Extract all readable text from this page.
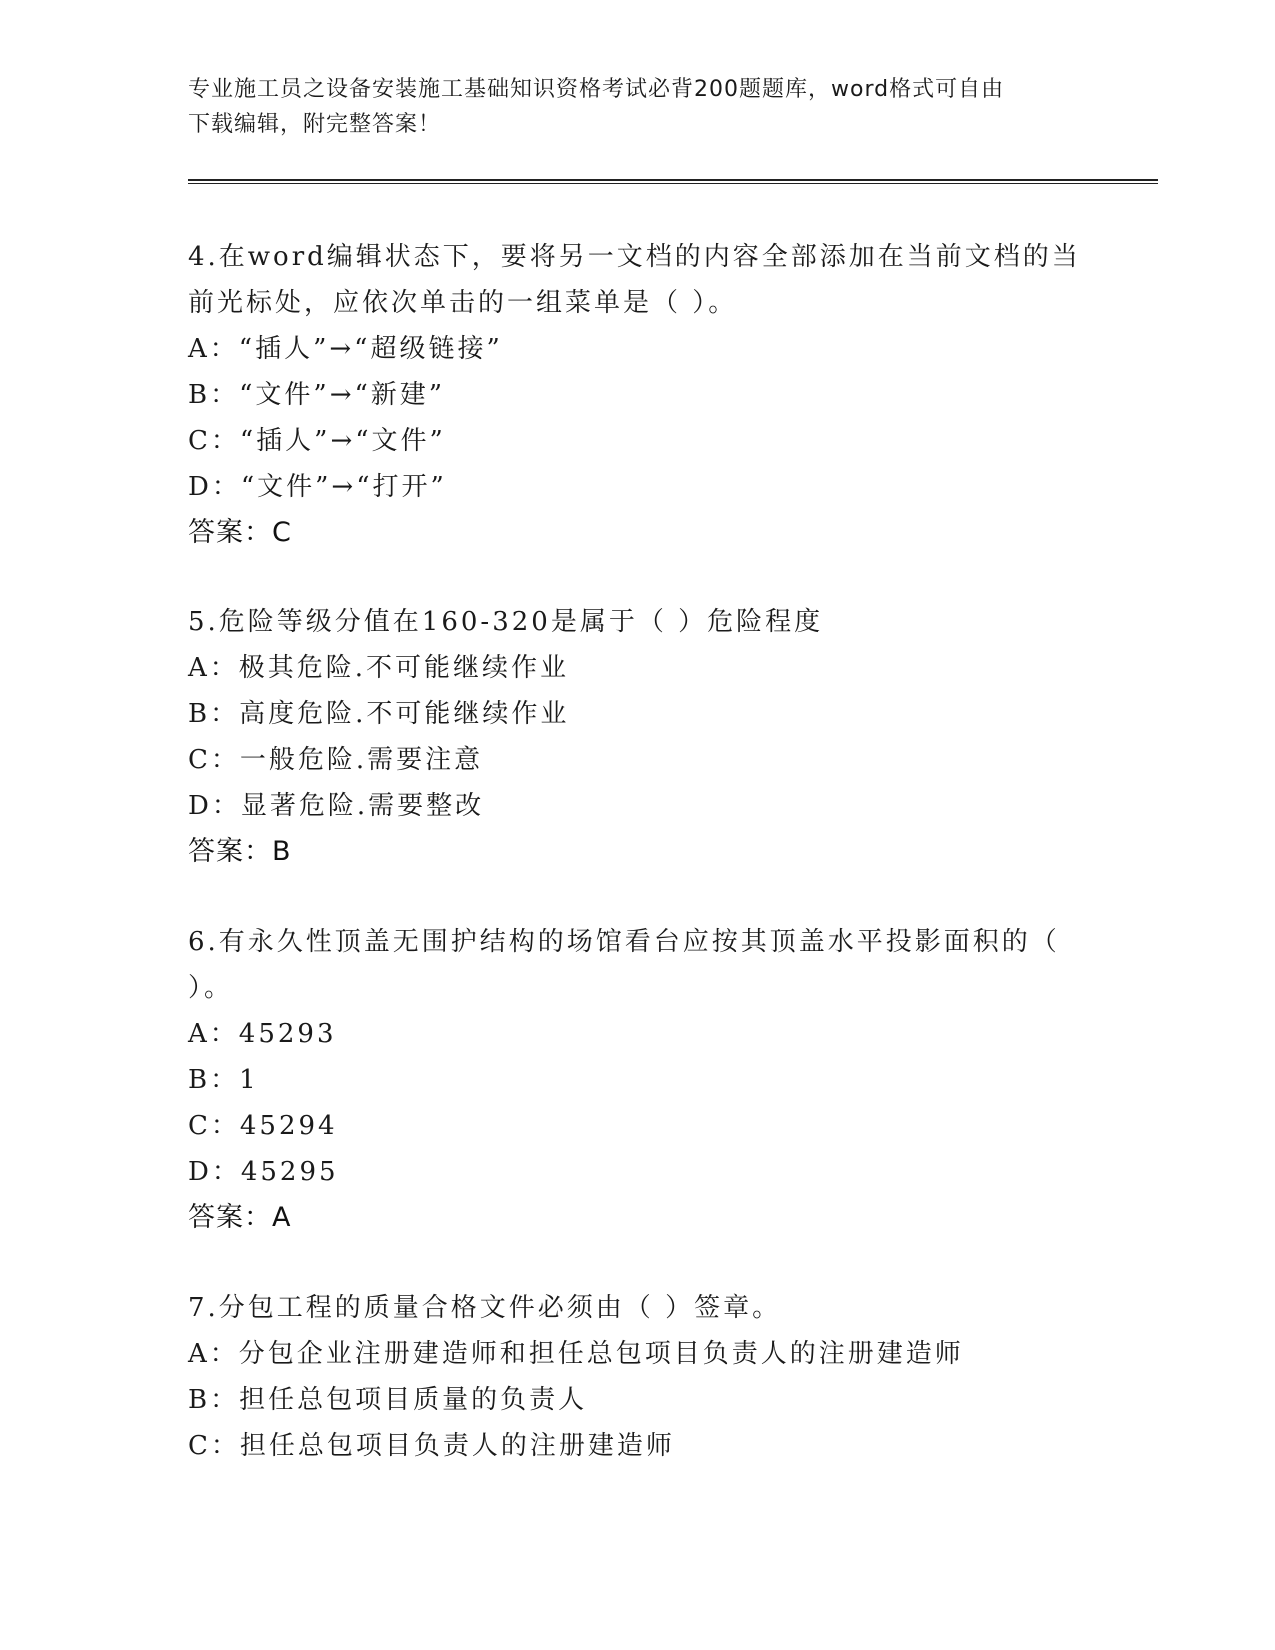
专业施工员之设备安装施工基础知识资格考试必背200题题库，word格式可自由
下载编辑，附完整答案！

4.在word编辑状态下，要将另一文档的内容全部添加在当前文档的当

前光标处，应依次单击的一组菜单是（ ）。

A：“插人”→“超级链接”

B：“文件”→“新建”

C：“插人”→“文件”

D：“文件”→“打开”

答案：C

5.危险等级分值在160-320是属于（ ）危险程度

A：极其危险.不可能继续作业

B：高度危险.不可能继续作业

C：一般危险.需要注意

D：显著危险.需要整改

答案：B

6.有永久性顶盖无围护结构的场馆看台应按其顶盖水平投影面积的（

）。

A：45293

B：1

C：45294

D：45295

答案：A

7.分包工程的质量合格文件必须由（ ）签章。

A：分包企业注册建造师和担任总包项目负责人的注册建造师

B：担任总包项目质量的负责人

C：担任总包项目负责人的注册建造师
